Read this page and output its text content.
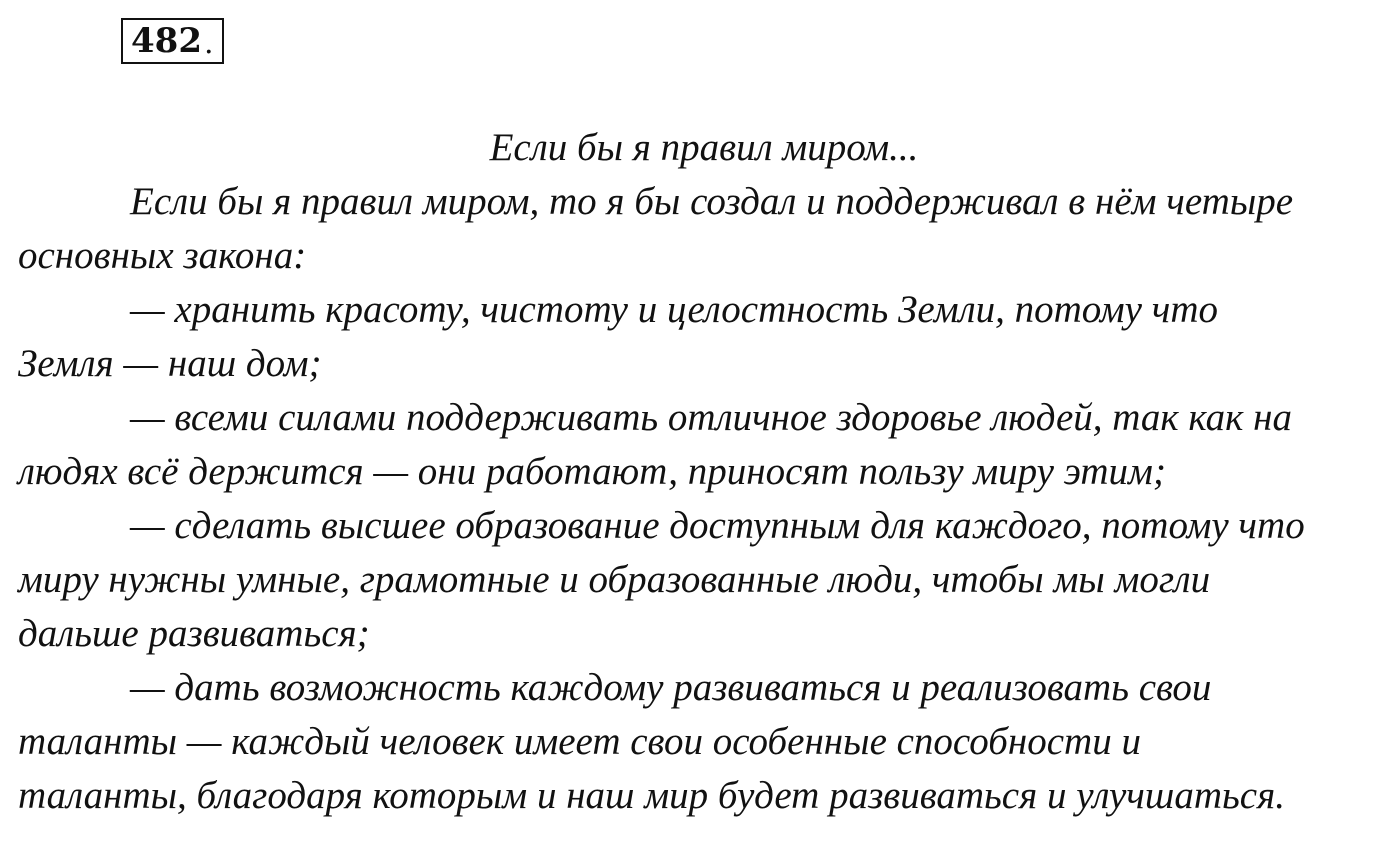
482 .
Если бы я правил миром...
Если бы я правил миром, то я бы создал и поддерживал в нём четыре
основных закона:
— хранить красоту, чистоту и целостность Земли, потому что
Земля — наш дом;
— всеми силами поддерживать отличное здоровье людей, так как на
людях всё держится — они работают, приносят пользу миру этим;
— сделать высшее образование доступным для каждого, потому что
миру нужны умные, грамотные и образованные люди, чтобы мы могли
дальше развиваться;
— дать возможность каждому развиваться и реализовать свои
таланты — каждый человек имеет свои особенные способности и
таланты, благодаря которым и наш мир будет развиваться и улучшаться.
